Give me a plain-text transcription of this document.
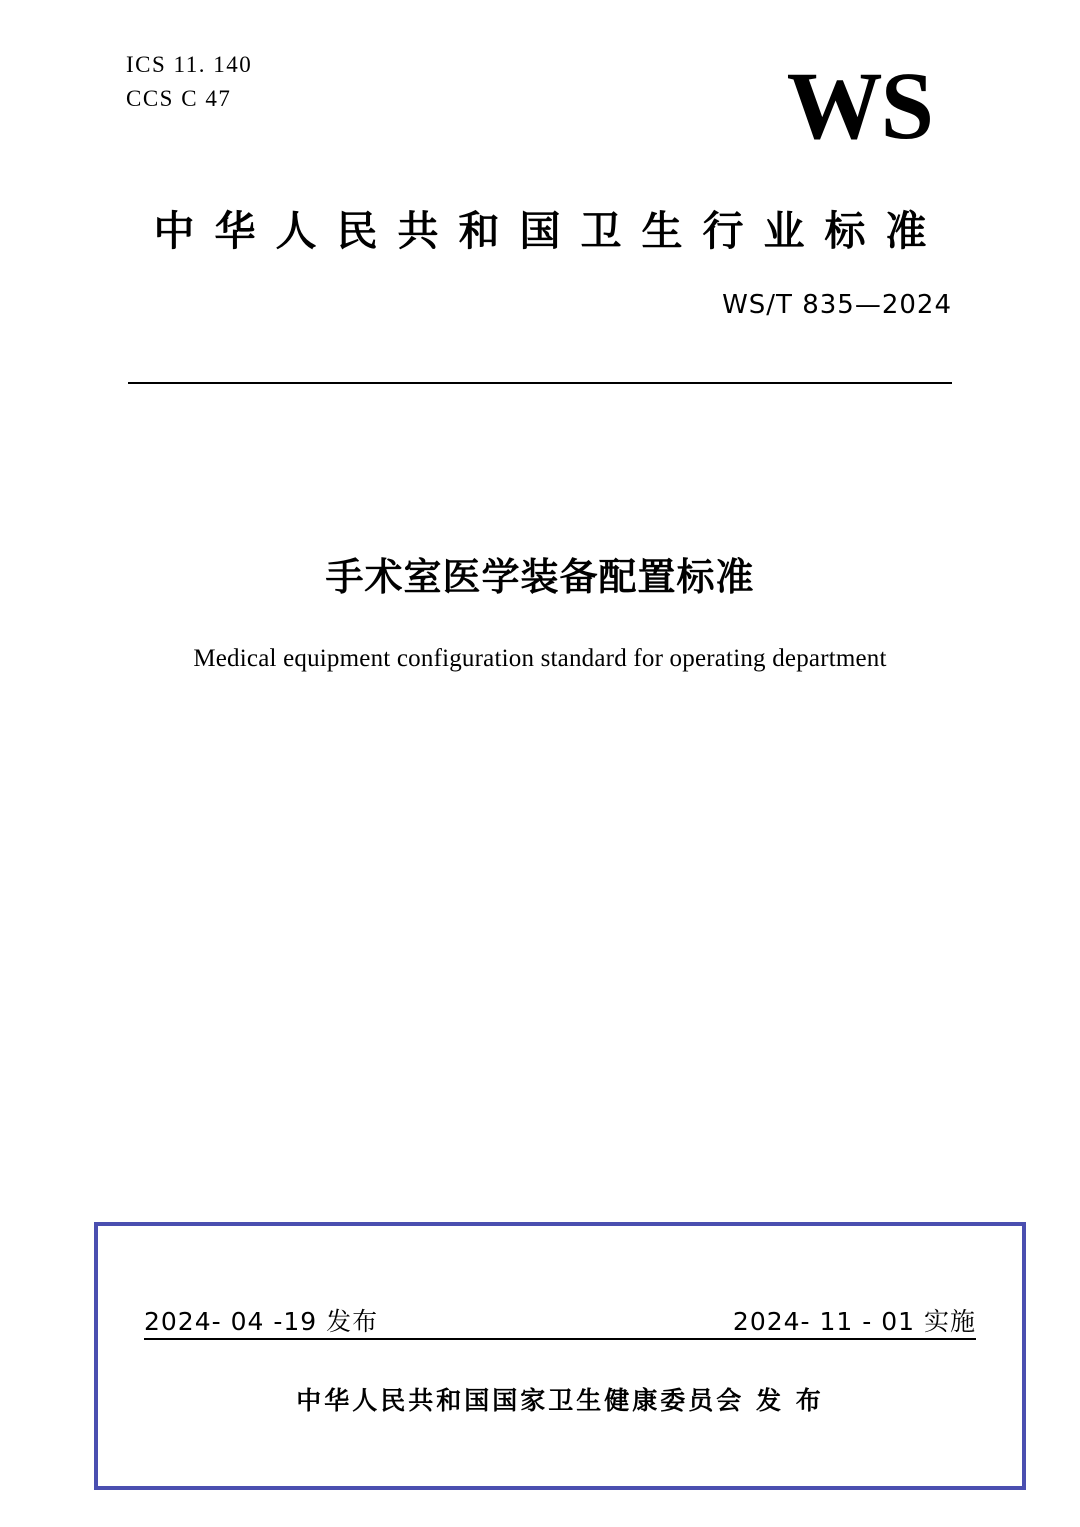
ICS 11. 140
CCS C 47	WS
中华人民共和国卫生行业标准
WS/T 835—2024
手术室医学装备配置标准
Medical equipment configuration standard for operating department
2024- 04 -19 发布	2024- 11 - 01 实施
中华人民共和国国家卫生健康委员会 发 布
